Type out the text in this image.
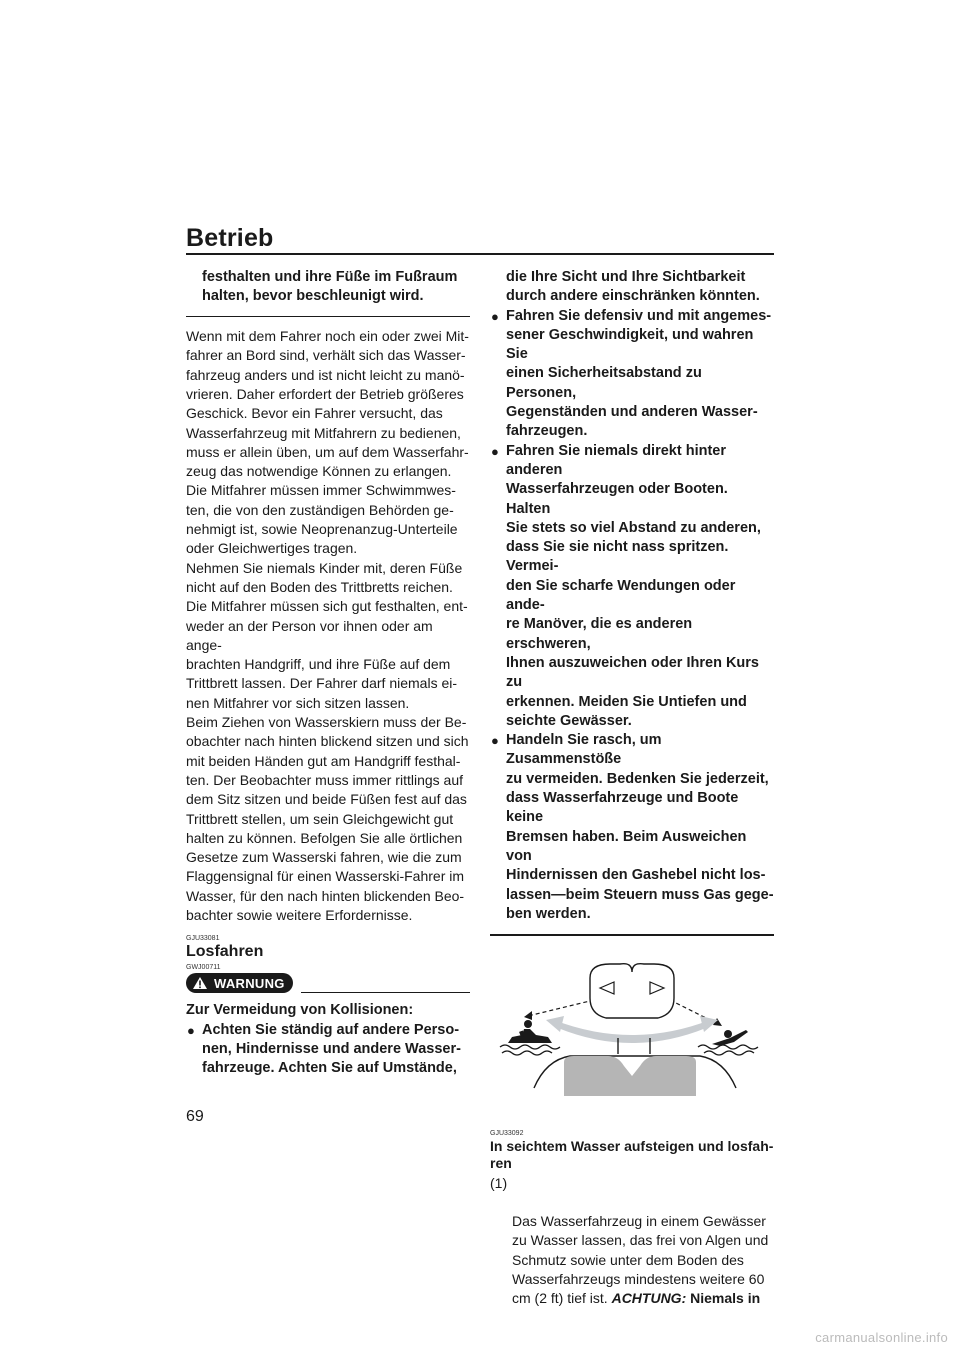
Betrieb

festhalten und ihre Füße im Fußraum
halten, bevor beschleunigt wird.

Wenn mit dem Fahrer noch ein oder zwei Mit-
fahrer an Bord sind, verhält sich das Wasser-
fahrzeug anders und ist nicht leicht zu manö-
vrieren. Daher erfordert der Betrieb größeres
Geschick. Bevor ein Fahrer versucht, das
Wasserfahrzeug mit Mitfahrern zu bedienen,
muss er allein üben, um auf dem Wasserfahr-
zeug das notwendige Können zu erlangen.
Die Mitfahrer müssen immer Schwimmwes-
ten, die von den zuständigen Behörden ge-
nehmigt ist, sowie Neoprenanzug-Unterteile
oder Gleichwertiges tragen.
Nehmen Sie niemals Kinder mit, deren Füße
nicht auf den Boden des Trittbretts reichen.
Die Mitfahrer müssen sich gut festhalten, ent-
weder an der Person vor ihnen oder am ange-
brachten Handgriff, und ihre Füße auf dem
Trittbrett lassen. Der Fahrer darf niemals ei-
nen Mitfahrer vor sich sitzen lassen.
Beim Ziehen von Wasserskiern muss der Be-
obachter nach hinten blickend sitzen und sich
mit beiden Händen gut am Handgriff festhal-
ten. Der Beobachter muss immer rittlings auf
dem Sitz sitzen und beide Füßen fest auf das
Trittbrett stellen, um sein Gleichgewicht gut
halten zu können. Befolgen Sie alle örtlichen
Gesetze zum Wasserski fahren, wie die zum
Flaggensignal für einen Wasserski-Fahrer im
Wasser, für den nach hinten blickenden Beo-
bachter sowie weitere Erfordernisse.

GJU33081

Losfahren

GWJ00711

WARNUNG

Zur Vermeidung von Kollisionen:

● Achten Sie ständig auf andere Perso-
nen, Hindernisse und andere Wasser-
fahrzeuge. Achten Sie auf Umstände,

die Ihre Sicht und Ihre Sichtbarkeit
durch andere einschränken könnten.

● Fahren Sie defensiv und mit angemes-
sener Geschwindigkeit, und wahren Sie
einen Sicherheitsabstand zu Personen,
Gegenständen und anderen Wasser-
fahrzeugen.

● Fahren Sie niemals direkt hinter anderen
Wasserfahrzeugen oder Booten. Halten
Sie stets so viel Abstand zu anderen,
dass Sie sie nicht nass spritzen. Vermei-
den Sie scharfe Wendungen oder ande-
re Manöver, die es anderen erschweren,
Ihnen auszuweichen oder Ihren Kurs zu
erkennen. Meiden Sie Untiefen und
seichte Gewässer.

● Handeln Sie rasch, um Zusammenstöße
zu vermeiden. Bedenken Sie jederzeit,
dass Wasserfahrzeuge und Boote keine
Bremsen haben. Beim Ausweichen von
Hindernissen den Gashebel nicht los-
lassen—beim Steuern muss Gas gege-
ben werden.

GJU33092

In seichtem Wasser aufsteigen und losfah-
ren

(1)

Das Wasserfahrzeug in einem Gewässer
zu Wasser lassen, das frei von Algen und
Schmutz sowie unter dem Boden des
Wasserfahrzeugs mindestens weitere 60
cm (2 ft) tief ist. ACHTUNG: Niemals in

69
carmanualsonline.info
